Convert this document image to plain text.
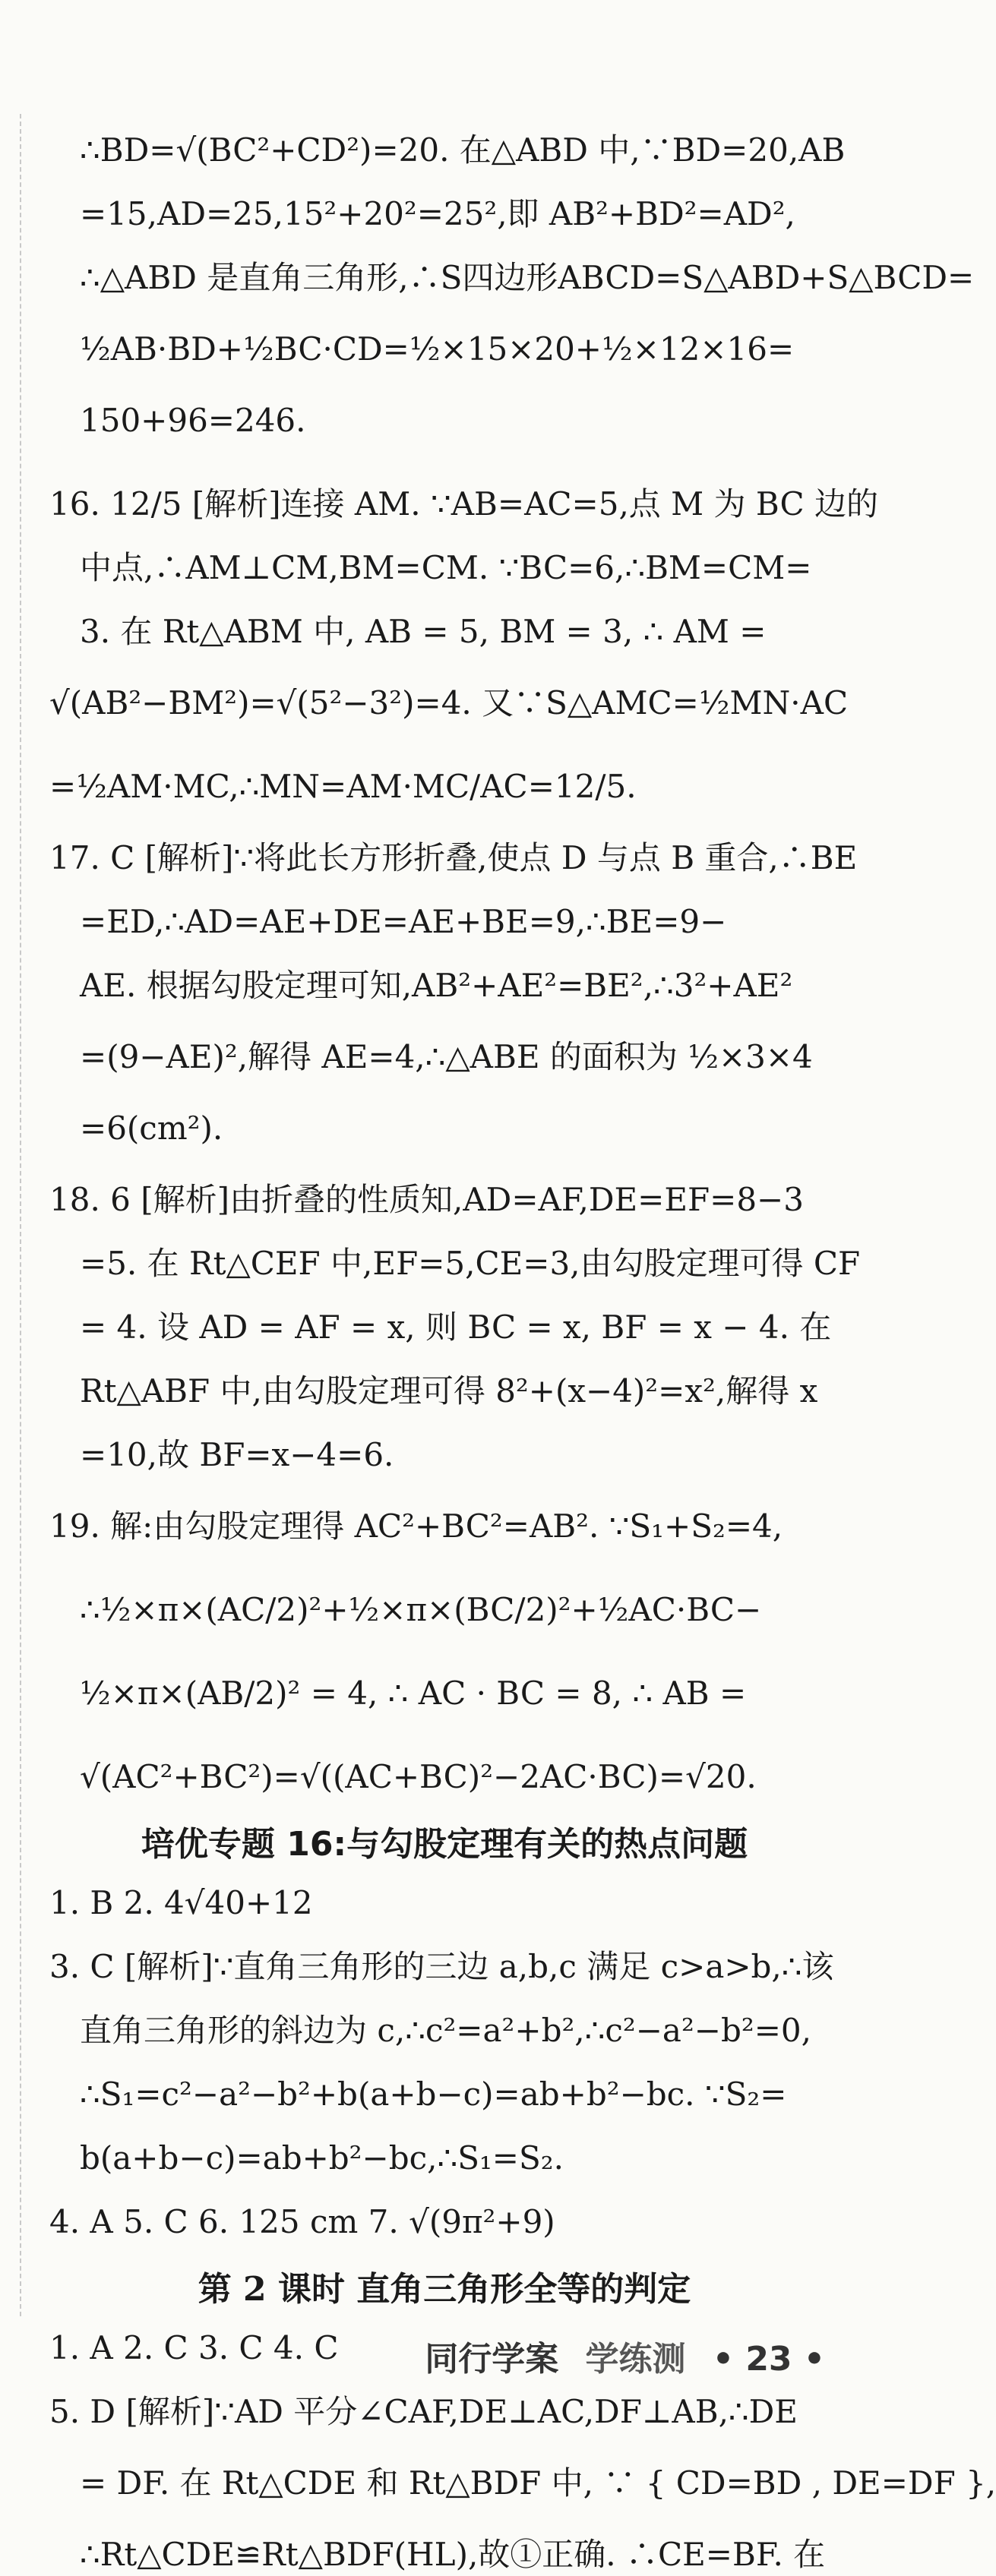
∴BD=√(BC²+CD²)=20. 在△ABD 中,∵BD=20,AB

=15,AD=25,15²+20²=25²,即 AB²+BD²=AD²,

∴△ABD 是直角三角形,∴S四边形ABCD=S△ABD+S△BCD=

½AB·BD+½BC·CD=½×15×20+½×12×16=

150+96=246.

16. 12/5 [解析]连接 AM. ∵AB=AC=5,点 M 为 BC 边的

中点,∴AM⊥CM,BM=CM. ∵BC=6,∴BM=CM=

3. 在 Rt△ABM 中, AB = 5, BM = 3, ∴ AM =

√(AB²−BM²)=√(5²−3²)=4. 又∵S△AMC=½MN·AC

=½AM·MC,∴MN=AM·MC/AC=12/5.

17. C [解析]∵将此长方形折叠,使点 D 与点 B 重合,∴BE

=ED,∴AD=AE+DE=AE+BE=9,∴BE=9−

AE. 根据勾股定理可知,AB²+AE²=BE²,∴3²+AE²

=(9−AE)²,解得 AE=4,∴△ABE 的面积为 ½×3×4

=6(cm²).

18. 6 [解析]由折叠的性质知,AD=AF,DE=EF=8−3

=5. 在 Rt△CEF 中,EF=5,CE=3,由勾股定理可得 CF

= 4. 设 AD = AF = x, 则 BC = x, BF = x − 4. 在

Rt△ABF 中,由勾股定理可得 8²+(x−4)²=x²,解得 x

=10,故 BF=x−4=6.

19. 解:由勾股定理得 AC²+BC²=AB². ∵S₁+S₂=4,

∴½×π×(AC/2)²+½×π×(BC/2)²+½AC·BC−

½×π×(AB/2)² = 4, ∴ AC · BC = 8, ∴ AB =

√(AC²+BC²)=√((AC+BC)²−2AC·BC)=√20.

培优专题 16:与勾股定理有关的热点问题

1. B 2. 4√40+12

3. C [解析]∵直角三角形的三边 a,b,c 满足 c>a>b,∴该

直角三角形的斜边为 c,∴c²=a²+b²,∴c²−a²−b²=0,

∴S₁=c²−a²−b²+b(a+b−c)=ab+b²−bc. ∵S₂=

b(a+b−c)=ab+b²−bc,∴S₁=S₂.

4. A 5. C 6. 125 cm 7. √(9π²+9)

第 2 课时 直角三角形全等的判定

1. A 2. C 3. C 4. C

5. D [解析]∵AD 平分∠CAF,DE⊥AC,DF⊥AB,∴DE

= DF. 在 Rt△CDE 和 Rt△BDF 中, ∵ { CD=BD , DE=DF },

∴Rt△CDE≌Rt△BDF(HL),故①正确. ∴CE=BF. 在

同行学案 学练测 • 23 •
